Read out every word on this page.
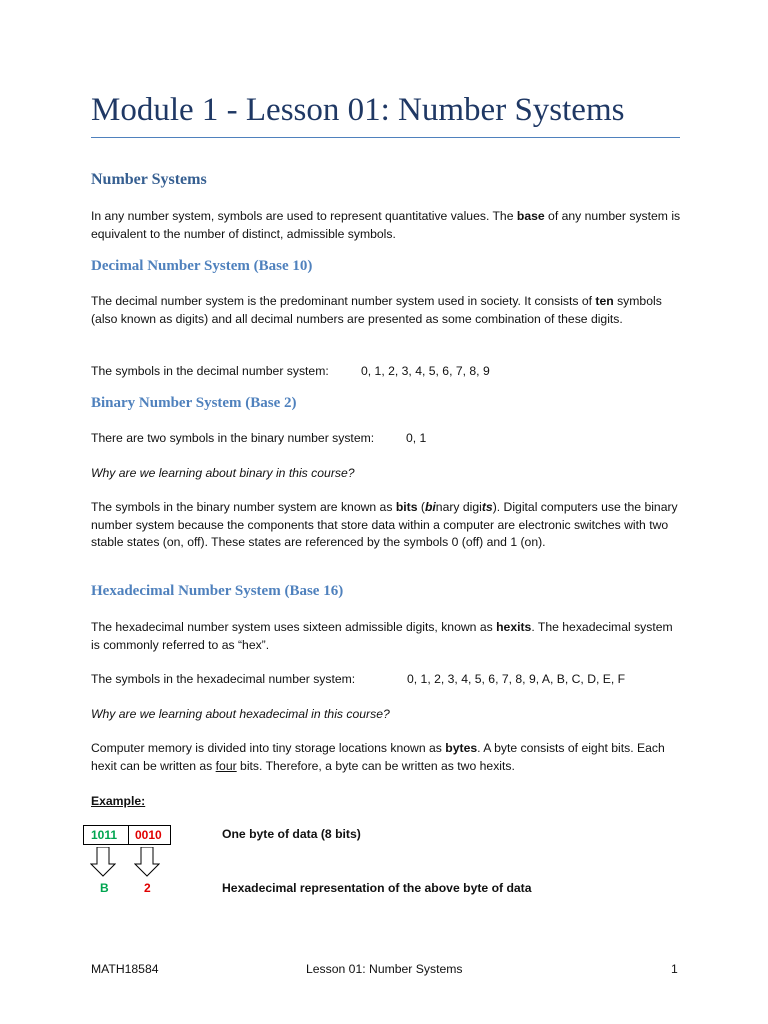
Module 1 - Lesson 01: Number Systems
Number Systems

In any number system, symbols are used to represent quantitative values. The base of any number system is equivalent to the number of distinct, admissible symbols.

Decimal Number System (Base 10)

The decimal number system is the predominant number system used in society. It consists of ten symbols (also known as digits) and all decimal numbers are presented as some combination of these digits.

The symbols in the decimal number system:	0, 1, 2, 3, 4, 5, 6, 7, 8, 9
Binary Number System (Base 2)
There are two symbols in the binary number system:	0, 1

Why are we learning about binary in this course?

The symbols in the binary number system are known as bits (binary digits). Digital computers use the binary number system because the components that store data within a computer are electronic switches with two stable states (on, off). These states are referenced by the symbols 0 (off) and 1 (on).

Hexadecimal Number System (Base 16)

The hexadecimal number system uses sixteen admissible digits, known as hexits. The hexadecimal system is commonly referred to as “hex”.

The symbols in the hexadecimal number system:	0, 1, 2, 3, 4, 5, 6, 7, 8, 9, A, B, C, D, E, F

Why are we learning about hexadecimal in this course?

Computer memory is divided into tiny storage locations known as bytes. A byte consists of eight bits. Each hexit can be written as four bits. Therefore, a byte can be written as two hexits.

Example:

1011 0010	One byte of data (8 bits)
B	2	Hexadecimal representation of the above byte of data
MATH18584	Lesson 01: Number Systems	1
